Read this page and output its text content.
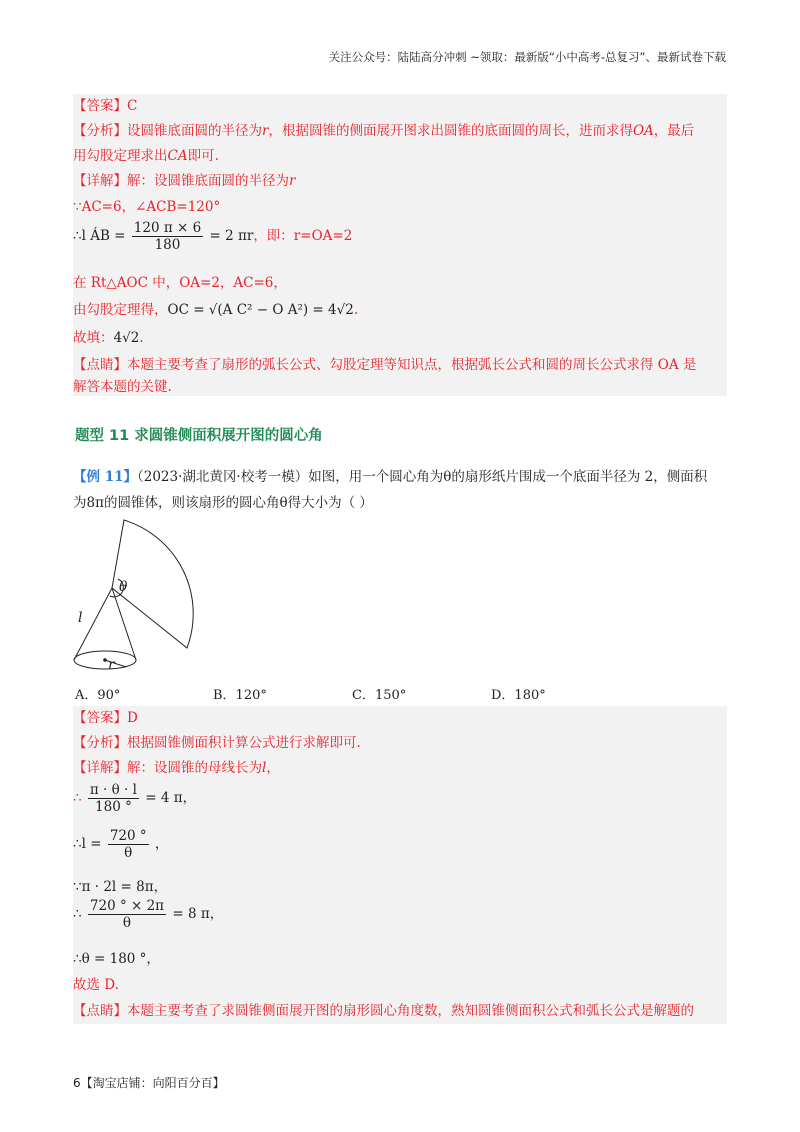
关注公众号：陆陆高分冲刺 ~领取：最新版“小中高考-总复习”、最新试卷下载
【答案】C
【分析】设圆锥底面圆的半径为r，根据圆锥的侧面展开图求出圆锥的底面圆的周长，进而求得OA，最后
用勾股定理求出CA即可.
【详解】解：设圆锥底面圆的半径为r
∵AC=6，∠ACB=120°
∴l ÁB = $\frac{120 \pi \times 6}{180} = 2$ πr，即：r=OA=2
在 Rt△AOC 中，OA=2，AC=6，
由勾股定理得，OC = √(A C² − O A²) = 4√2.
故填：4√2.
【点睛】本题主要考查了扇形的弧长公式、勾股定理等知识点，根据弧长公式和圆的周长公式求得 OA 是
解答本题的关键.
题型 11 求圆锥侧面积展开图的圆心角
【例 11】（2023·湖北黄冈·校考一模）如图，用一个圆心角为θ的扇形纸片围成一个底面半径为 2，侧面积
为8π的圆锥体，则该扇形的圆心角θ得大小为（ ）
θ
l
r
A．90°	B．120°	C．150°	D．180°
【答案】D
【分析】根据圆锥侧面积计算公式进行求解即可.
【详解】解：设圆锥的母线长为l，
∴ $\frac{\pi \cdot \theta \cdot l}{180 ^\circ} = 4$ π，
∴l = $\frac{720 ^\circ}{\theta}$ ，
∵π · 2l = 8π，
∴ $\frac{720 ^\circ \times 2\pi}{\theta} = 8$ π，
∴θ = 180 °，
故选 D.
【点睛】本题主要考查了求圆锥侧面展开图的扇形圆心角度数，熟知圆锥侧面积公式和弧长公式是解题的
6【淘宝店铺：向阳百分百】
